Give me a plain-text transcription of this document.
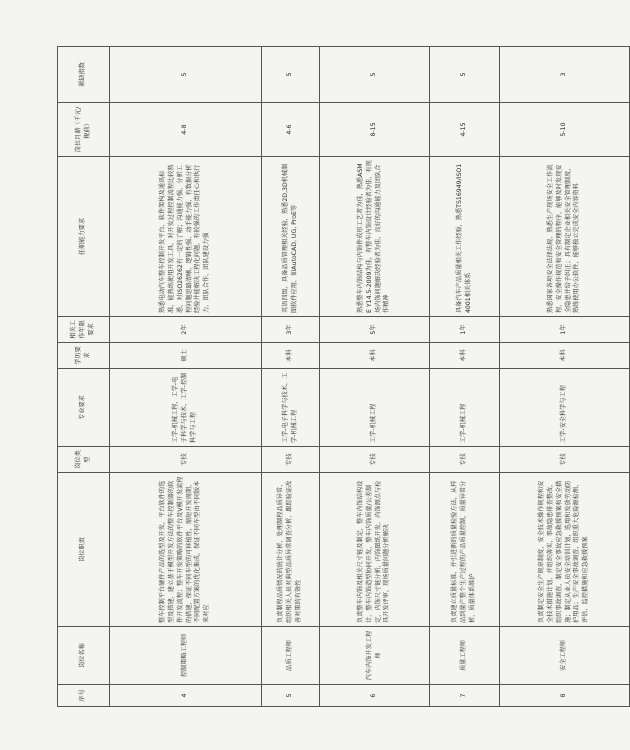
序号	岗位名称	岗位职责	岗位类型	专业要求	学历要求	相关工作年限要求	任职能力要求	岗位月薪（千元/税前）	紧缺指数
4	控制策略工程师	整车控制平台硬件产品的选型及开发，平台软件的选型及搭建，建立基于模型开发方法的整车控制器的软件开发流程；整车开发策略的软件平台及V模开发流程的搭建，保证不同车型的可移植性，缩短开发周期，不同配置方案的优化集成，保证不同车型由不同版本来对应	专技	工学-机械工程，工学-电子科学与技术，工学-控制科学与工程	硕士	2年	熟悉电动汽车整车控制开发平台，软件架构及通讯标准，能熟练使用开发工具，对开发过程控制流程比较熟悉，对ISO26262有一定的了解；沟通能力强，分析工程问题思路清晰，逻辑性强，动手能力强，有数据分析经验并能解决工程化问题，有较强的工作责任心和执行力，团队合作，团队建设力强	4-8	5
5	品质工程师	负责制程品质情况的统计分析，处理制程品质异常，组织相关人员对典型品质异常调查分析，跟踪验证改善对策的有效性	专技	工学-电子科学与技术，工学-机械工程	本科	3年	英语四级，具备品质管理相关经验，熟悉2D,3D机械制图软件应用，如AutoCAD, UG, ProE等	4-6	5
6	汽车内饰开发工程师	负责整车内饰及相关尺寸链及制定，整车内饰结构设计，整车内饰造型协同开发，整车内饰质量/公差制定，内饰尺寸链分析，内饰图纸开发，内饰测点与检具开发评审，现场质量问题分析解决	专技	工学-机械工程	本科	5年	熟悉整车内饰结构与内饰件成形工艺者为佳，熟悉ASME Y14.5-2009为佳，有整车内饰设计经验者为佳，有现场内饰问题解决经验者为佳，良好的沟通能力及团队合作精神	8-15	5
7	质量工程师	负责建立质量标准，并引进新的质量检验方法，从样品到量产整个生产过程的产品质量控制，质量异常分析，质量体系维护	专技	工学-机械工程	本科	1年	具备汽车产品质量相关工作经验，熟悉TS16949/ISO14001相关体系	4-15	5
8	安全工程师	负责制定安全生产规章制度，安全技术操作规程和安全技术措施计划，并组织落实，事故隐患排查整改，组织事故调查，制定安全事故应急救援预案和安全措施；制定从业人员安全培训计划，选用和发放劳动防护用品；生产安全事故调查，组织重大危险源检测、评估，监控措施和应急救援预案	专技	工学-安全科学与工程	本科	1年	熟悉国家各项安全法律法规，熟悉生产现场安全工作流程，安全操作规范和安全管理的程序，能够及时发现安全隐患并给予纠正；具有制定企业相关安全管理制度，熟练使用办公软件，能够独立完成安全内容资料	5-10	3
